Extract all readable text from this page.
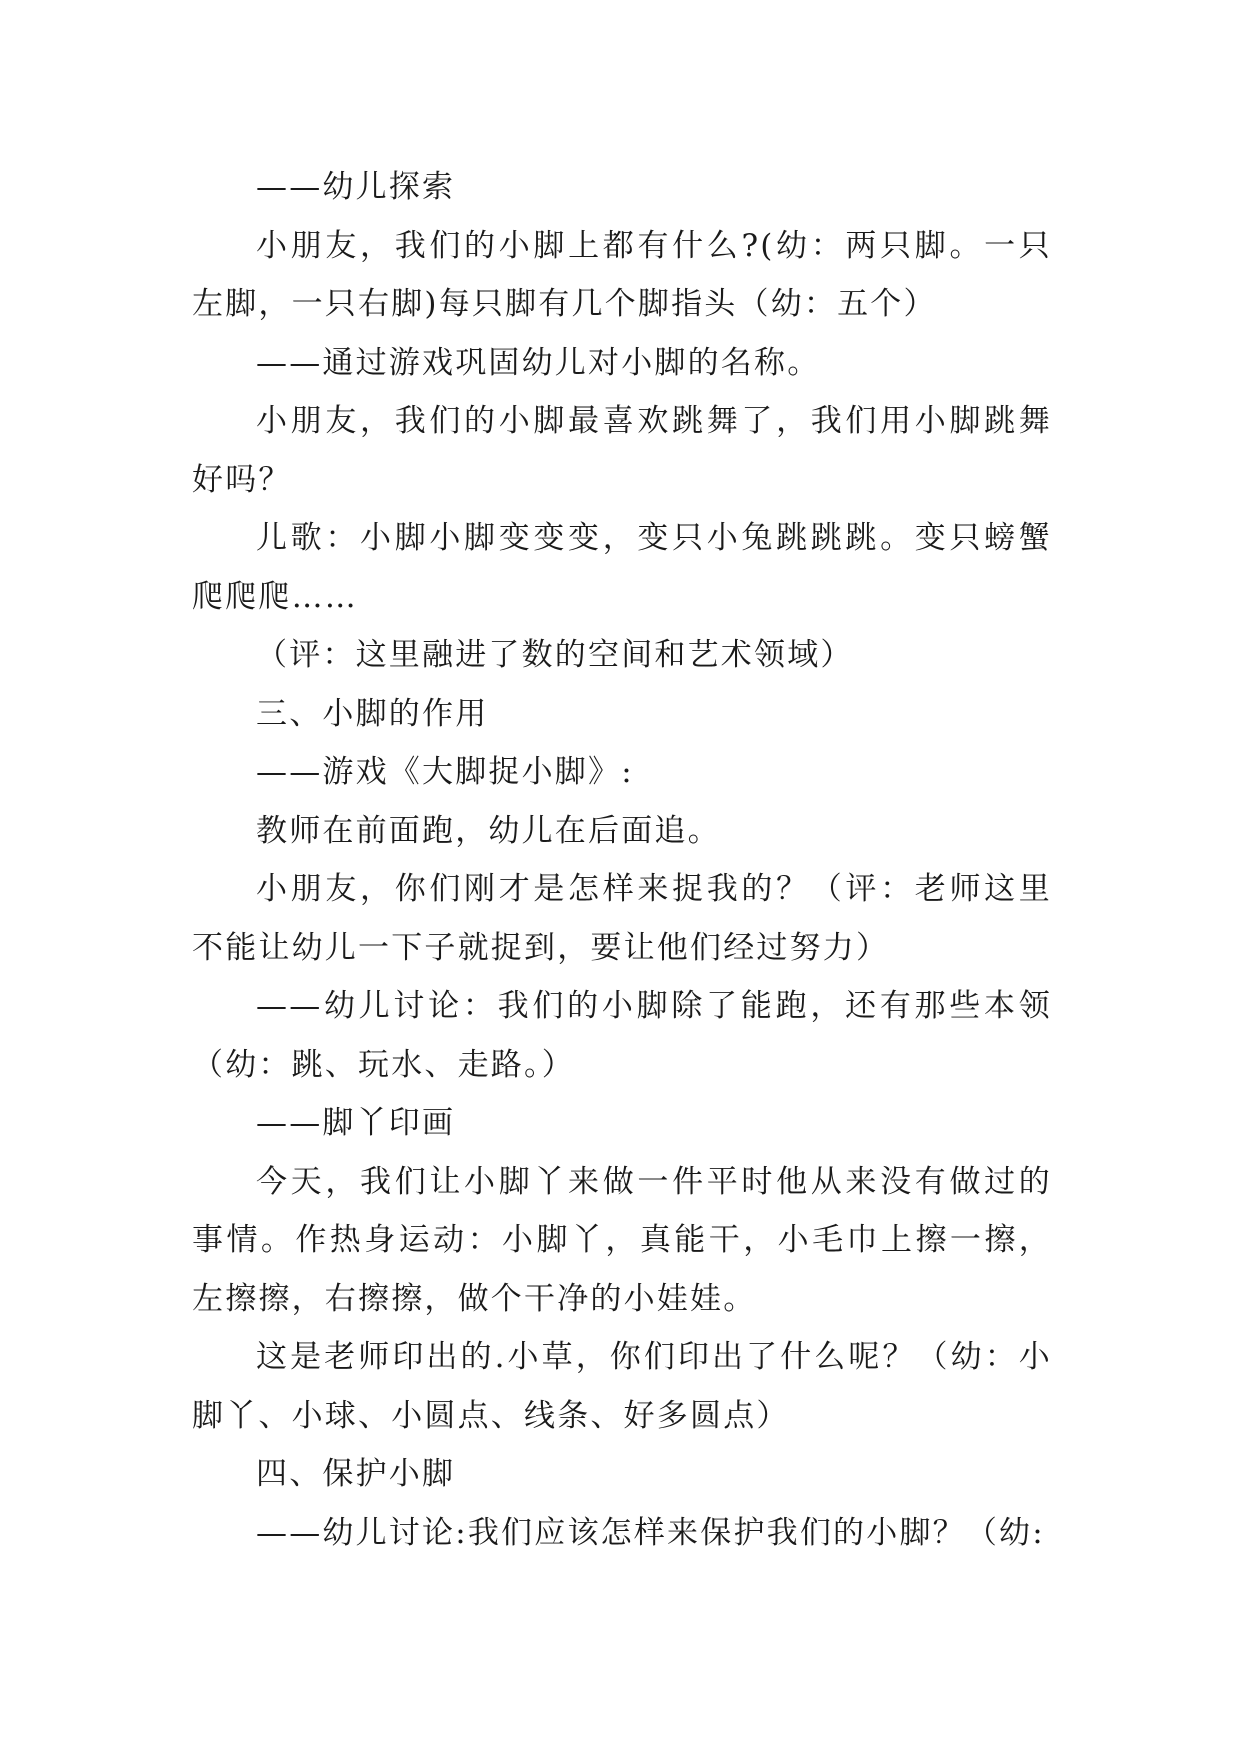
——幼儿探索

小朋友，我们的小脚上都有什么?(幼：两只脚。一只左脚，一只右脚)每只脚有几个脚指头（幼：五个）

——通过游戏巩固幼儿对小脚的名称。

小朋友，我们的小脚最喜欢跳舞了，我们用小脚跳舞好吗？

儿歌：小脚小脚变变变，变只小兔跳跳跳。变只螃蟹爬爬爬……

（评：这里融进了数的空间和艺术领域）

三、小脚的作用

——游戏《大脚捉小脚》:

教师在前面跑，幼儿在后面追。

小朋友，你们刚才是怎样来捉我的？（评：老师这里不能让幼儿一下子就捉到，要让他们经过努力）

——幼儿讨论：我们的小脚除了能跑，还有那些本领（幼：跳、玩水、走路。）

——脚丫印画

今天，我们让小脚丫来做一件平时他从来没有做过的事情。作热身运动：小脚丫，真能干，小毛巾上擦一擦，左擦擦，右擦擦，做个干净的小娃娃。

这是老师印出的.小草，你们印出了什么呢？（幼：小脚丫、小球、小圆点、线条、好多圆点）

四、保护小脚

——幼儿讨论:我们应该怎样来保护我们的小脚？（幼:
